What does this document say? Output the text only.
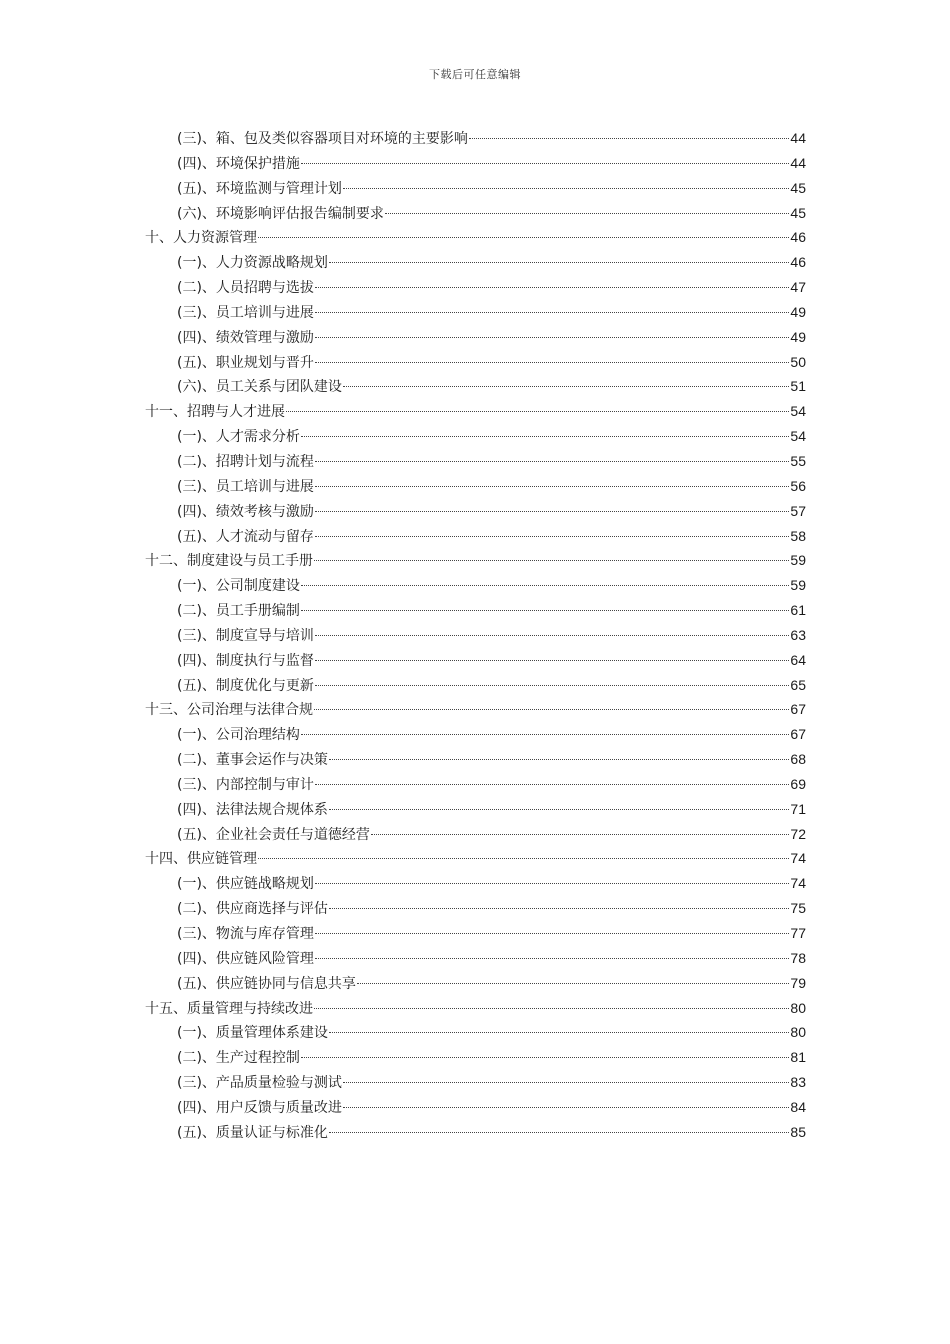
下载后可任意编辑
(三)、箱、包及类似容器项目对环境的主要影响	44
(四)、环境保护措施	44
(五)、环境监测与管理计划	45
(六)、环境影响评估报告编制要求	45
十、人力资源管理	46
(一)、人力资源战略规划	46
(二)、人员招聘与选拔	47
(三)、员工培训与进展	49
(四)、绩效管理与激励	49
(五)、职业规划与晋升	50
(六)、员工关系与团队建设	51
十一、招聘与人才进展	54
(一)、人才需求分析	54
(二)、招聘计划与流程	55
(三)、员工培训与进展	56
(四)、绩效考核与激励	57
(五)、人才流动与留存	58
十二、制度建设与员工手册	59
(一)、公司制度建设	59
(二)、员工手册编制	61
(三)、制度宣导与培训	63
(四)、制度执行与监督	64
(五)、制度优化与更新	65
十三、公司治理与法律合规	67
(一)、公司治理结构	67
(二)、董事会运作与决策	68
(三)、内部控制与审计	69
(四)、法律法规合规体系	71
(五)、企业社会责任与道德经营	72
十四、供应链管理	74
(一)、供应链战略规划	74
(二)、供应商选择与评估	75
(三)、物流与库存管理	77
(四)、供应链风险管理	78
(五)、供应链协同与信息共享	79
十五、质量管理与持续改进	80
(一)、质量管理体系建设	80
(二)、生产过程控制	81
(三)、产品质量检验与测试	83
(四)、用户反馈与质量改进	84
(五)、质量认证与标准化	85
